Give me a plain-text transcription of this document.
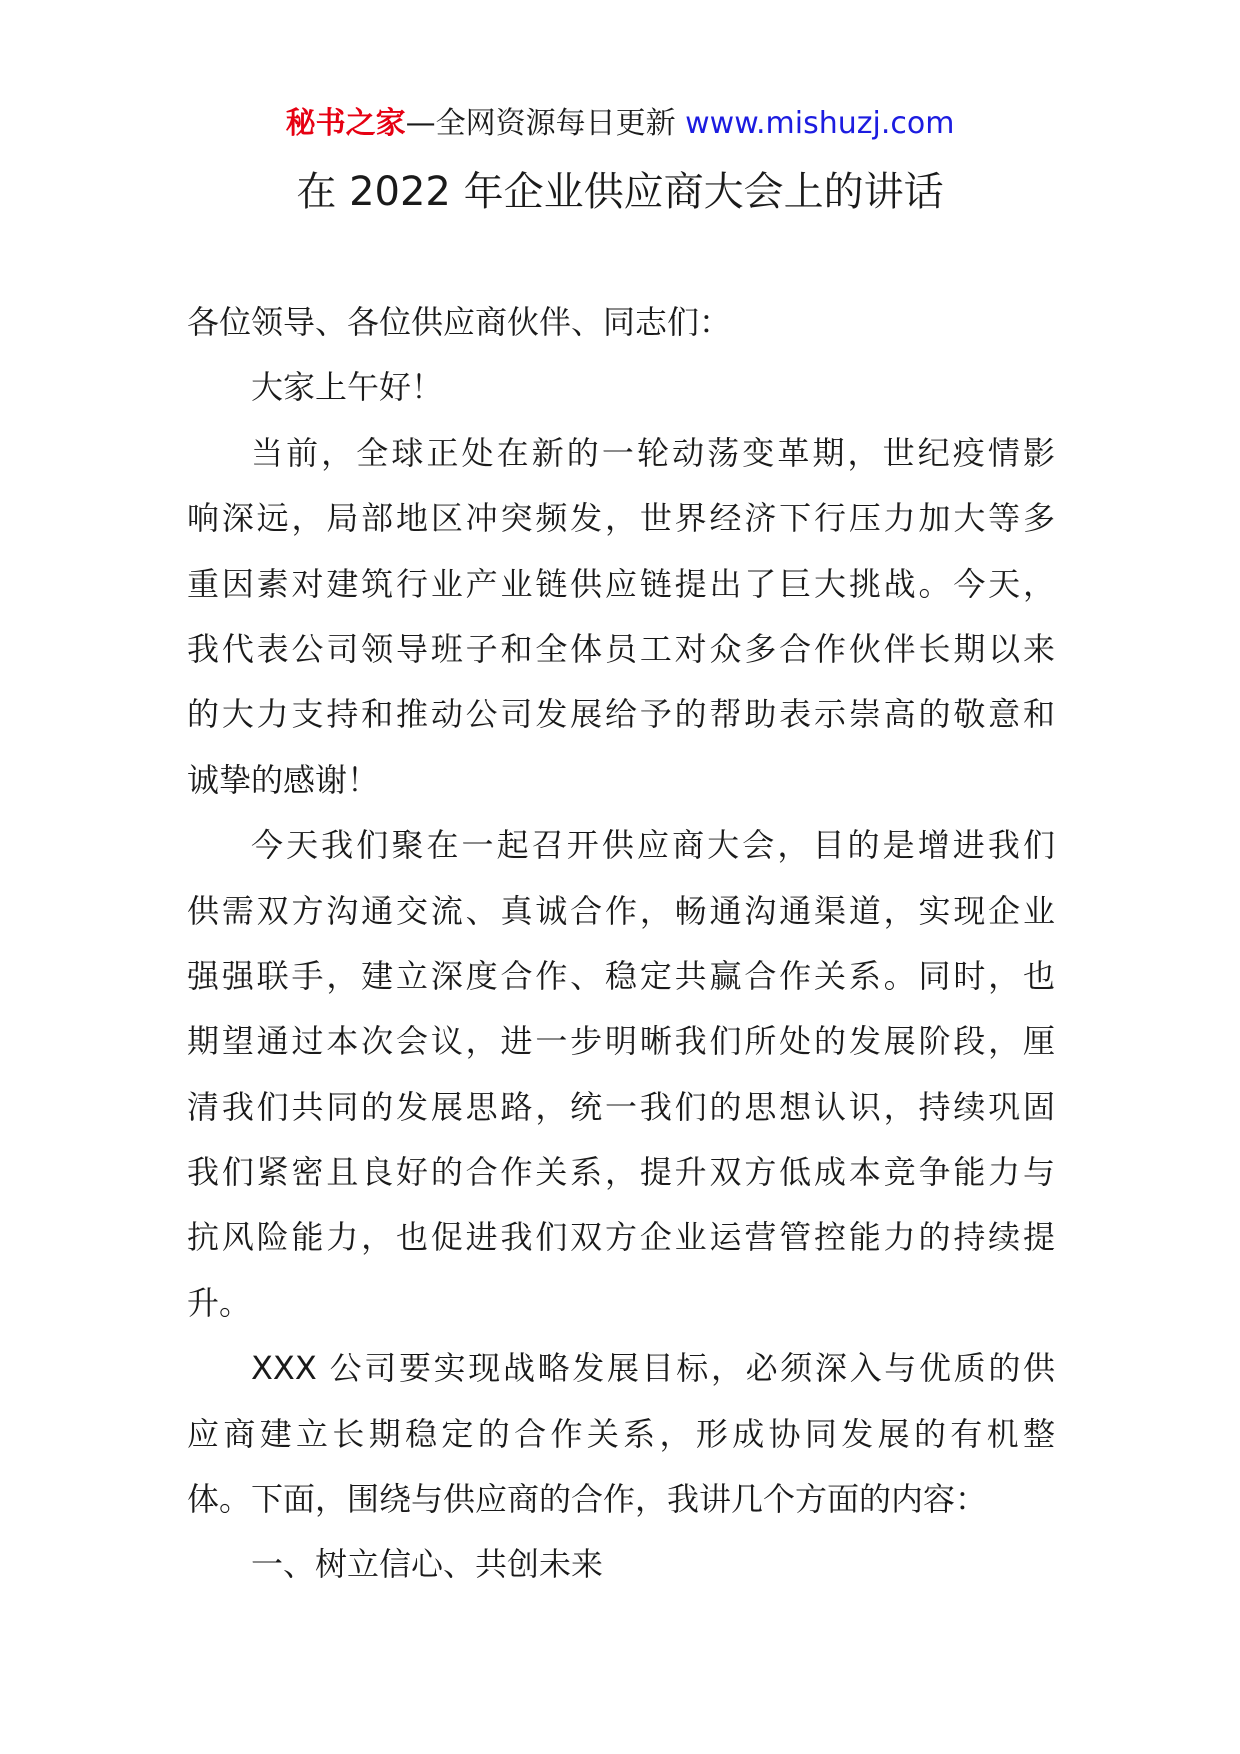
秘书之家—全网资源每日更新 www.mishuzj.com
在 2022 年企业供应商大会上的讲话
各位领导、各位供应商伙伴、同志们：
大家上午好！
当前，全球正处在新的一轮动荡变革期，世纪疫情影
响深远，局部地区冲突频发，世界经济下行压力加大等多
重因素对建筑行业产业链供应链提出了巨大挑战。今天，
我代表公司领导班子和全体员工对众多合作伙伴长期以来
的大力支持和推动公司发展给予的帮助表示崇高的敬意和
诚挚的感谢！
今天我们聚在一起召开供应商大会，目的是增进我们
供需双方沟通交流、真诚合作，畅通沟通渠道，实现企业
强强联手，建立深度合作、稳定共赢合作关系。同时，也
期望通过本次会议，进一步明晰我们所处的发展阶段，厘
清我们共同的发展思路，统一我们的思想认识，持续巩固
我们紧密且良好的合作关系，提升双方低成本竞争能力与
抗风险能力，也促进我们双方企业运营管控能力的持续提
升。
XXX 公司要实现战略发展目标，必须深入与优质的供
应商建立长期稳定的合作关系，形成协同发展的有机整
体。下面，围绕与供应商的合作，我讲几个方面的内容：
一、树立信心、共创未来
